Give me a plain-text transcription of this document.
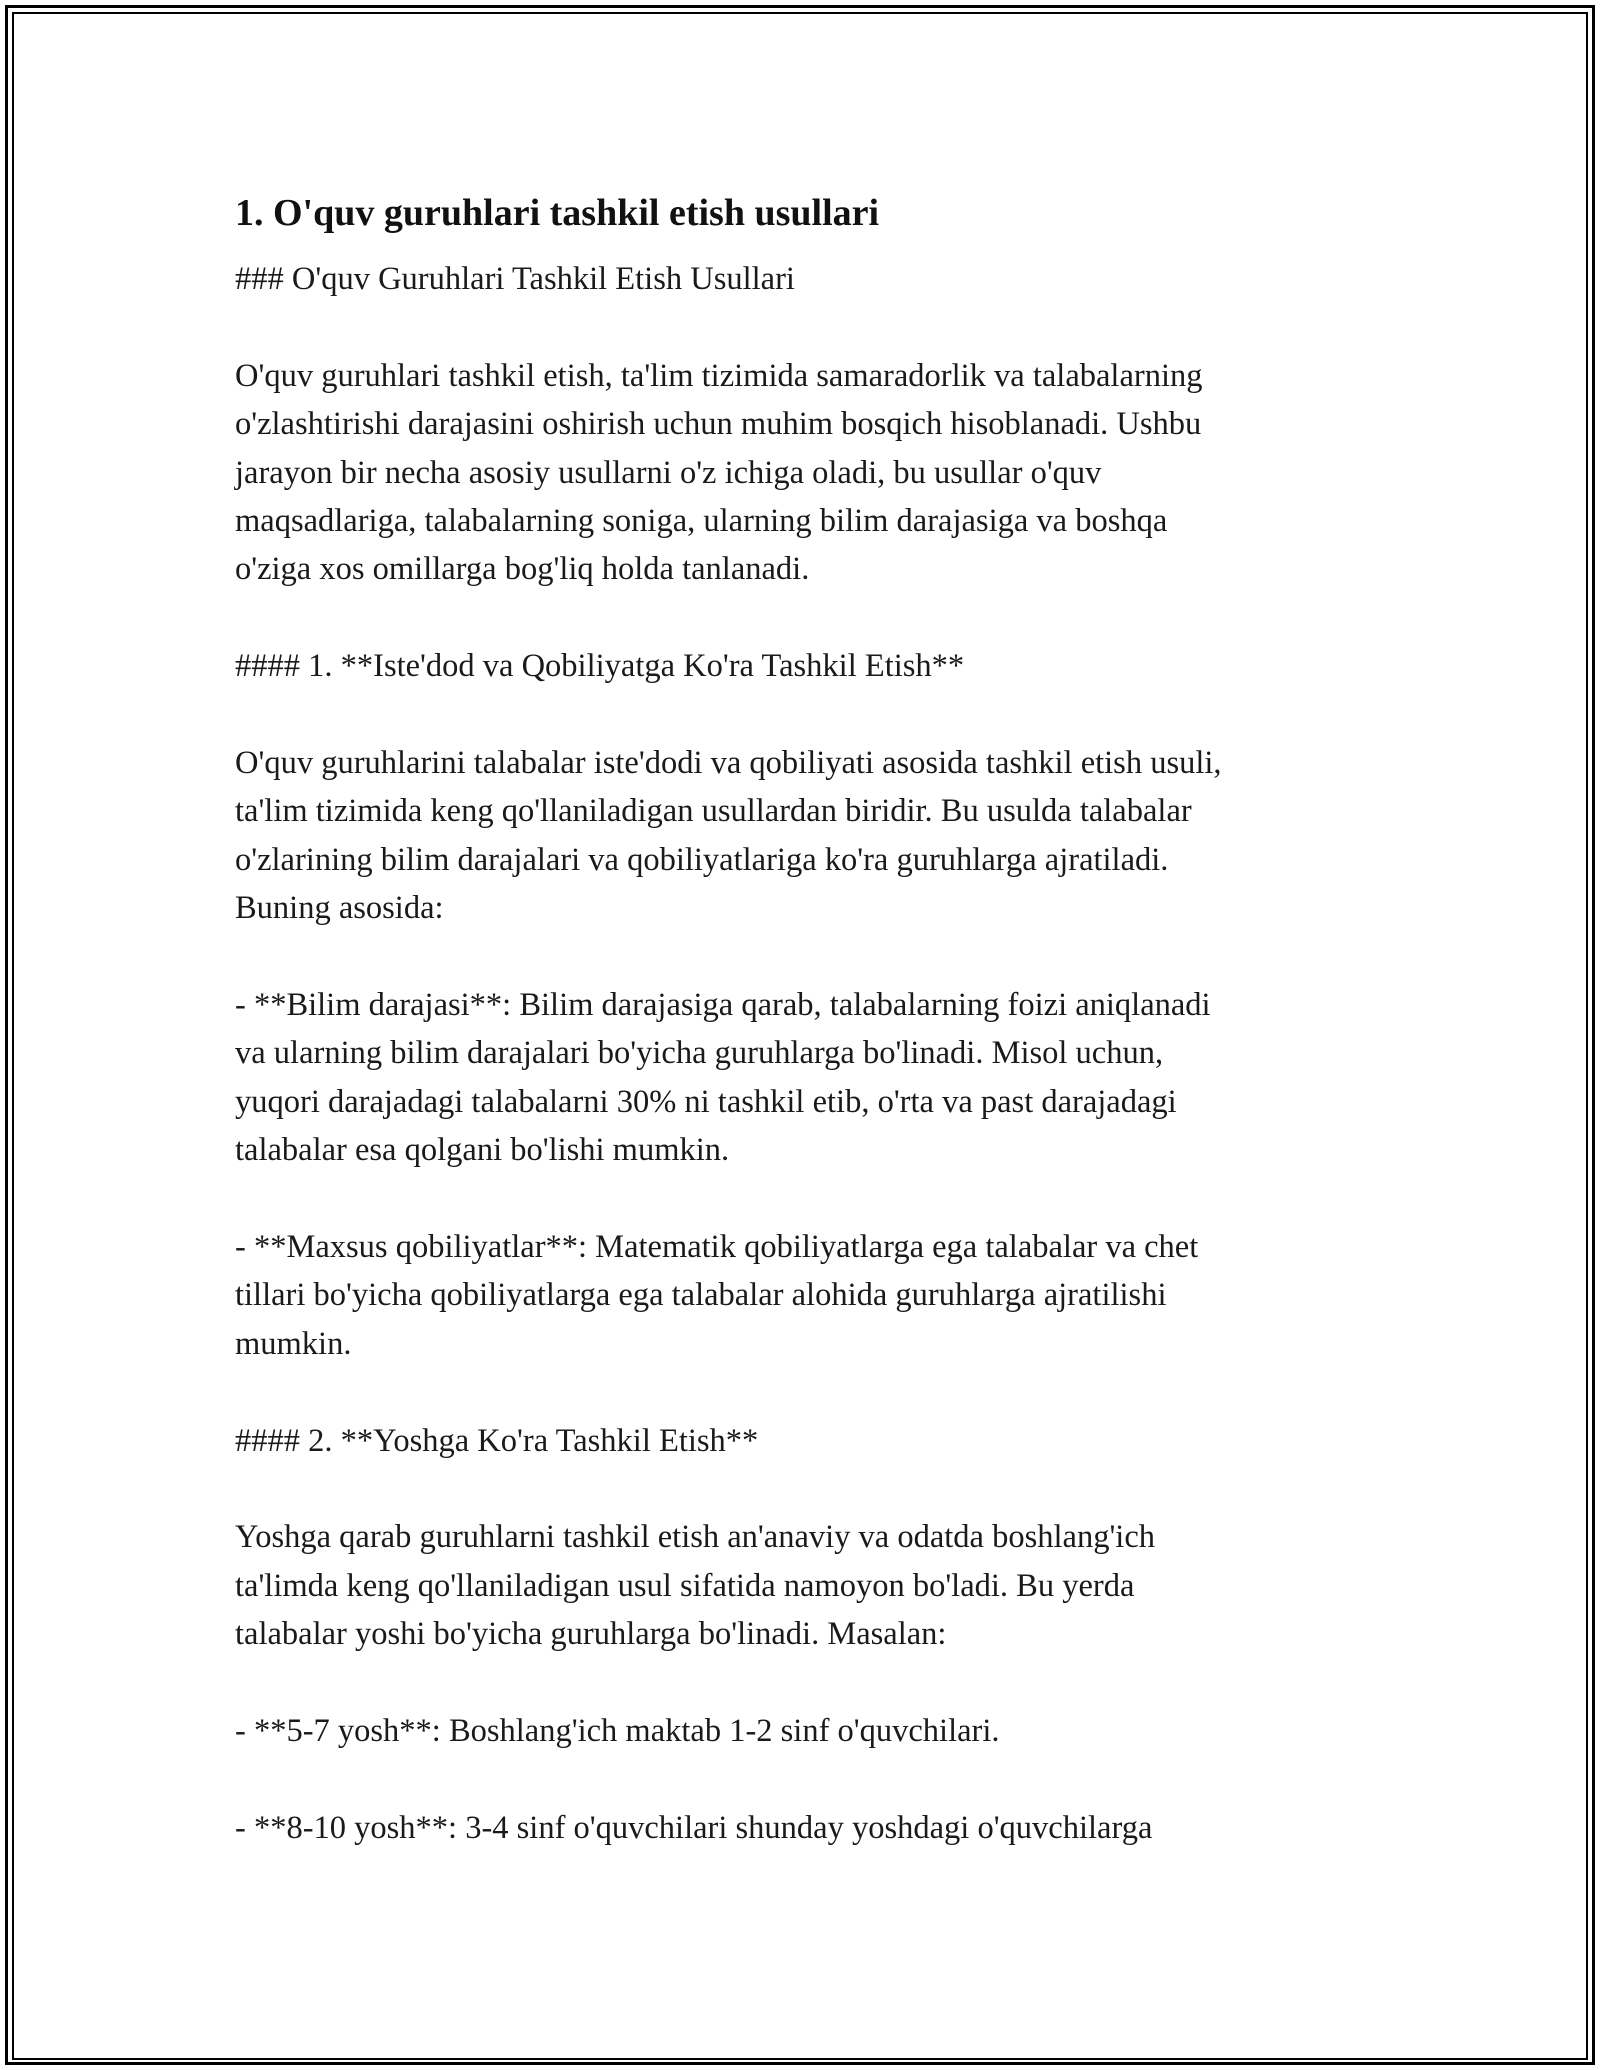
1. O'quv guruhlari tashkil etish usullari

### O'quv Guruhlari Tashkil Etish Usullari

O'quv guruhlari tashkil etish, ta'lim tizimida samaradorlik va talabalarning
o'zlashtirishi darajasini oshirish uchun muhim bosqich hisoblanadi. Ushbu
jarayon bir necha asosiy usullarni o'z ichiga oladi, bu usullar o'quv
maqsadlariga, talabalarning soniga, ularning bilim darajasiga va boshqa
o'ziga xos omillarga bog'liq holda tanlanadi.

#### 1. **Iste'dod va Qobiliyatga Ko'ra Tashkil Etish**

O'quv guruhlarini talabalar iste'dodi va qobiliyati asosida tashkil etish usuli,
ta'lim tizimida keng qo'llaniladigan usullardan biridir. Bu usulda talabalar
o'zlarining bilim darajalari va qobiliyatlariga ko'ra guruhlarga ajratiladi.
Buning asosida:

- **Bilim darajasi**: Bilim darajasiga qarab, talabalarning foizi aniqlanadi
va ularning bilim darajalari bo'yicha guruhlarga bo'linadi. Misol uchun,
yuqori darajadagi talabalarni 30% ni tashkil etib, o'rta va past darajadagi
talabalar esa qolgani bo'lishi mumkin.

- **Maxsus qobiliyatlar**: Matematik qobiliyatlarga ega talabalar va chet
tillari bo'yicha qobiliyatlarga ega talabalar alohida guruhlarga ajratilishi
mumkin.

#### 2. **Yoshga Ko'ra Tashkil Etish**

Yoshga qarab guruhlarni tashkil etish an'anaviy va odatda boshlang'ich
ta'limda keng qo'llaniladigan usul sifatida namoyon bo'ladi. Bu yerda
talabalar yoshi bo'yicha guruhlarga bo'linadi. Masalan:

- **5-7 yosh**: Boshlang'ich maktab 1-2 sinf o'quvchilari.

- **8-10 yosh**: 3-4 sinf o'quvchilari shunday yoshdagi o'quvchilarga
